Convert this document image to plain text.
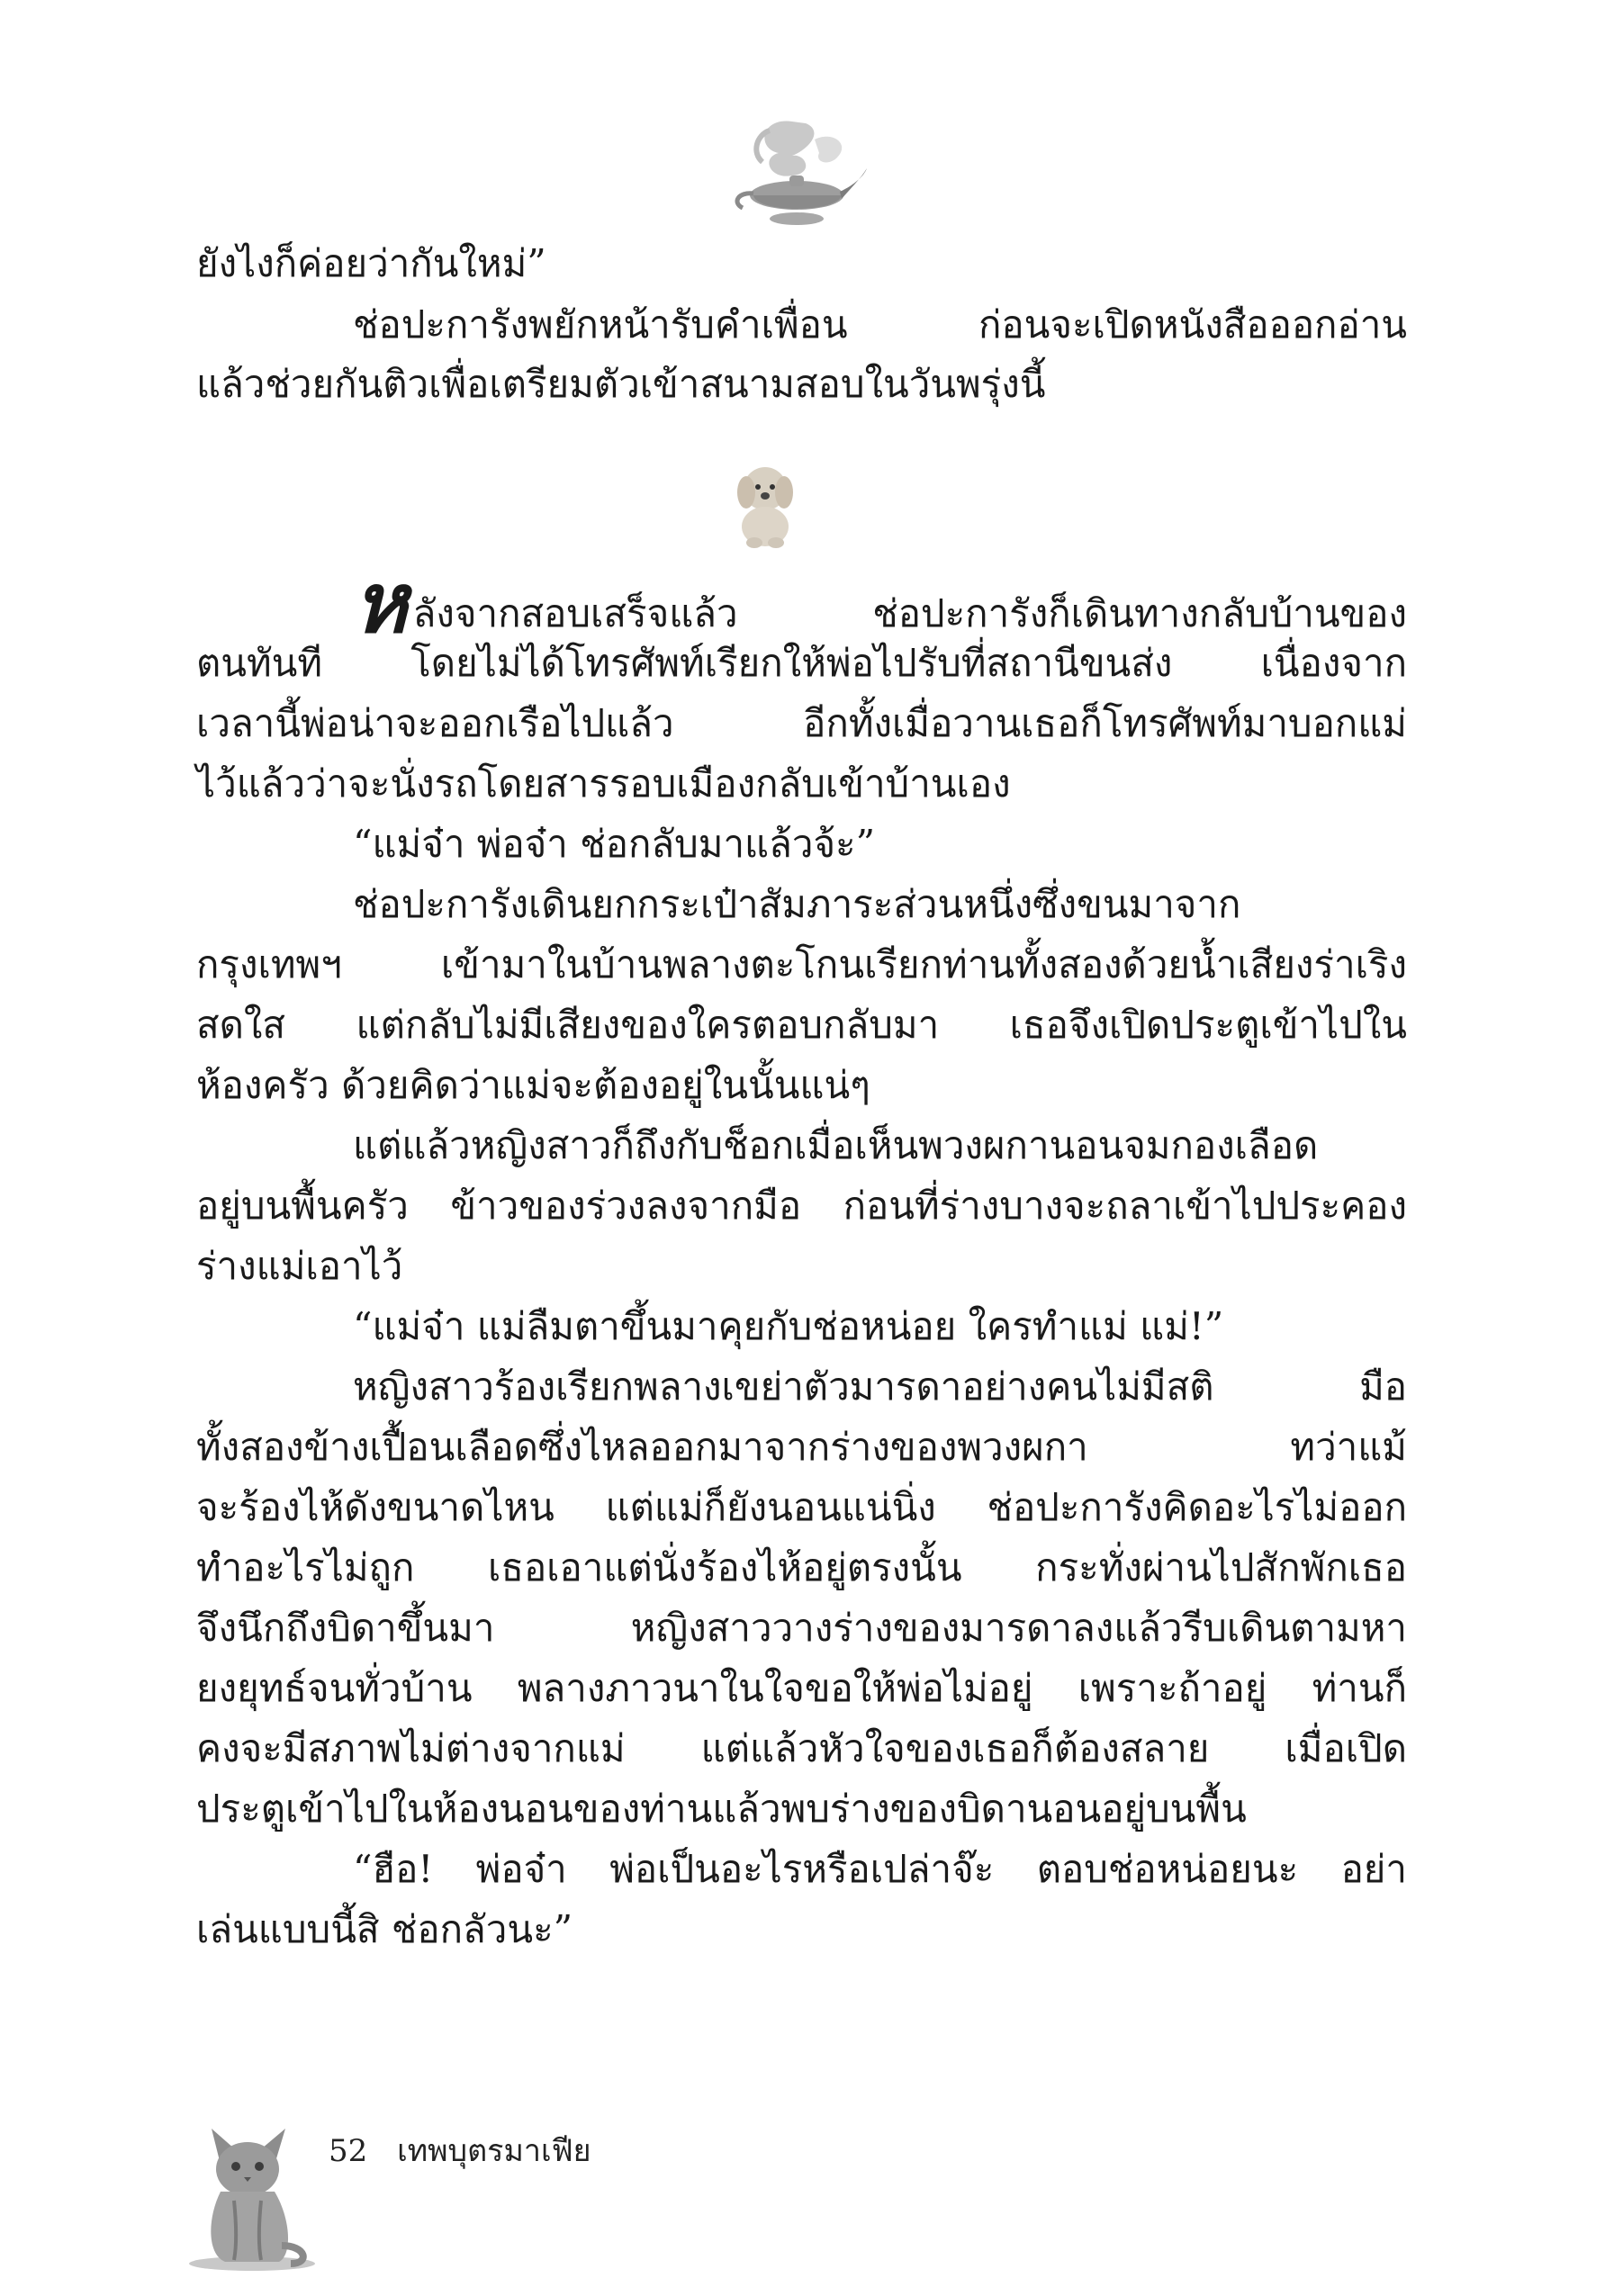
ยังไงก็ค่อยว่ากันใหม่”
ช่อปะการังพยักหน้ารับคำเพื่อน ก่อนจะเปิดหนังสือออกอ่าน
แล้วช่วยกันติวเพื่อเตรียมตัวเข้าสนามสอบในวันพรุ่งนี้
หลังจากสอบเสร็จแล้ว ช่อปะการังก็เดินทางกลับบ้านของ
ตนทันที โดยไม่ได้โทรศัพท์เรียกให้พ่อไปรับที่สถานีขนส่ง เนื่องจาก
เวลานี้พ่อน่าจะออกเรือไปแล้ว อีกทั้งเมื่อวานเธอก็โทรศัพท์มาบอกแม่
ไว้แล้วว่าจะนั่งรถโดยสารรอบเมืองกลับเข้าบ้านเอง
“แม่จ๋า พ่อจ๋า ช่อกลับมาแล้วจ้ะ”
ช่อปะการังเดินยกกระเป๋าสัมภาระส่วนหนึ่งซึ่งขนมาจาก
กรุงเทพฯ เข้ามาในบ้านพลางตะโกนเรียกท่านทั้งสองด้วยน้ำเสียงร่าเริง
สดใส แต่กลับไม่มีเสียงของใครตอบกลับมา เธอจึงเปิดประตูเข้าไปใน
ห้องครัว ด้วยคิดว่าแม่จะต้องอยู่ในนั้นแน่ๆ
แต่แล้วหญิงสาวก็ถึงกับช็อกเมื่อเห็นพวงผกานอนจมกองเลือด
อยู่บนพื้นครัว ข้าวของร่วงลงจากมือ ก่อนที่ร่างบางจะถลาเข้าไปประคอง
ร่างแม่เอาไว้
“แม่จ๋า แม่ลืมตาขึ้นมาคุยกับช่อหน่อย ใครทำแม่ แม่!”
หญิงสาวร้องเรียกพลางเขย่าตัวมารดาอย่างคนไม่มีสติ มือ
ทั้งสองข้างเปื้อนเลือดซึ่งไหลออกมาจากร่างของพวงผกา ทว่าแม้
จะร้องไห้ดังขนาดไหน แต่แม่ก็ยังนอนแน่นิ่ง ช่อปะการังคิดอะไรไม่ออก
ทำอะไรไม่ถูก เธอเอาแต่นั่งร้องไห้อยู่ตรงนั้น กระทั่งผ่านไปสักพักเธอ
จึงนึกถึงบิดาขึ้นมา หญิงสาววางร่างของมารดาลงแล้วรีบเดินตามหา
ยงยุทธ์จนทั่วบ้าน พลางภาวนาในใจขอให้พ่อไม่อยู่ เพราะถ้าอยู่ ท่านก็
คงจะมีสภาพไม่ต่างจากแม่ แต่แล้วหัวใจของเธอก็ต้องสลาย เมื่อเปิด
ประตูเข้าไปในห้องนอนของท่านแล้วพบร่างของบิดานอนอยู่บนพื้น
“ฮือ! พ่อจ๋า พ่อเป็นอะไรหรือเปล่าจ๊ะ ตอบช่อหน่อยนะ อย่า
เล่นแบบนี้สิ ช่อกลัวนะ”
52 เทพบุตรมาเฟีย
